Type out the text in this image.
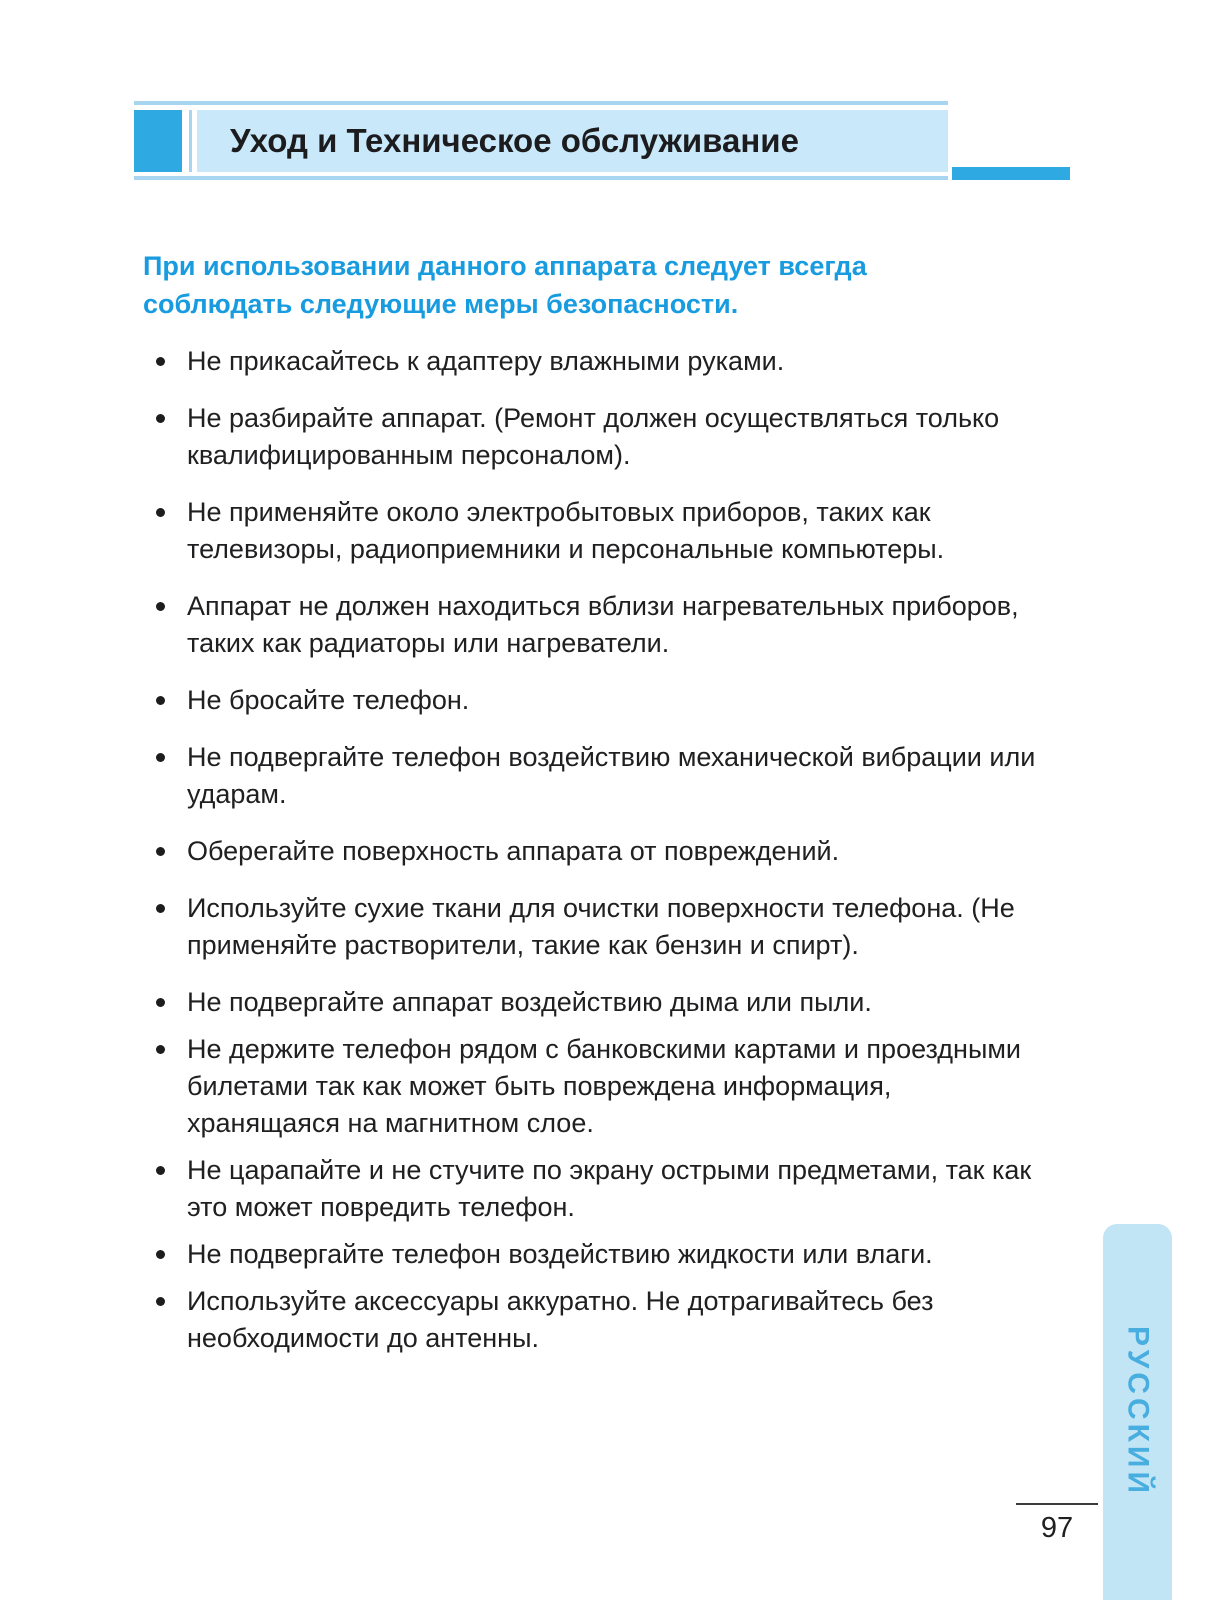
Уход и Техническое обслуживание

При использовании данного аппарата следует всегда соблюдать следующие меры безопасности.

Не прикасайтесь к адаптеру влажными руками.
Не разбирайте аппарат. (Ремонт должен осуществляться только квалифицированным персоналом).
Не применяйте около электробытовых приборов, таких как телевизоры, радиоприемники и персональные компьютеры.
Аппарат не должен находиться вблизи нагревательных приборов, таких как радиаторы или нагреватели.
Не бросайте телефон.
Не подвергайте телефон воздействию механической вибрации или ударам.
Оберегайте поверхность аппарата от повреждений.
Используйте сухие ткани для очистки поверхности телефона. (Не применяйте растворители, такие как бензин и спирт).
Не подвергайте аппарат воздействию дыма или пыли.
Не держите телефон рядом с банковскими картами и проездными билетами так как может быть повреждена информация, хранящаяся на магнитном слое.
Не царапайте и не стучите по экрану острыми предметами, так как это может повредить телефон.
Не подвергайте телефон воздействию жидкости или влаги.
Используйте аксессуары аккуратно. Не дотрагивайтесь без необходимости до антенны.	РУССКИЙ
97
